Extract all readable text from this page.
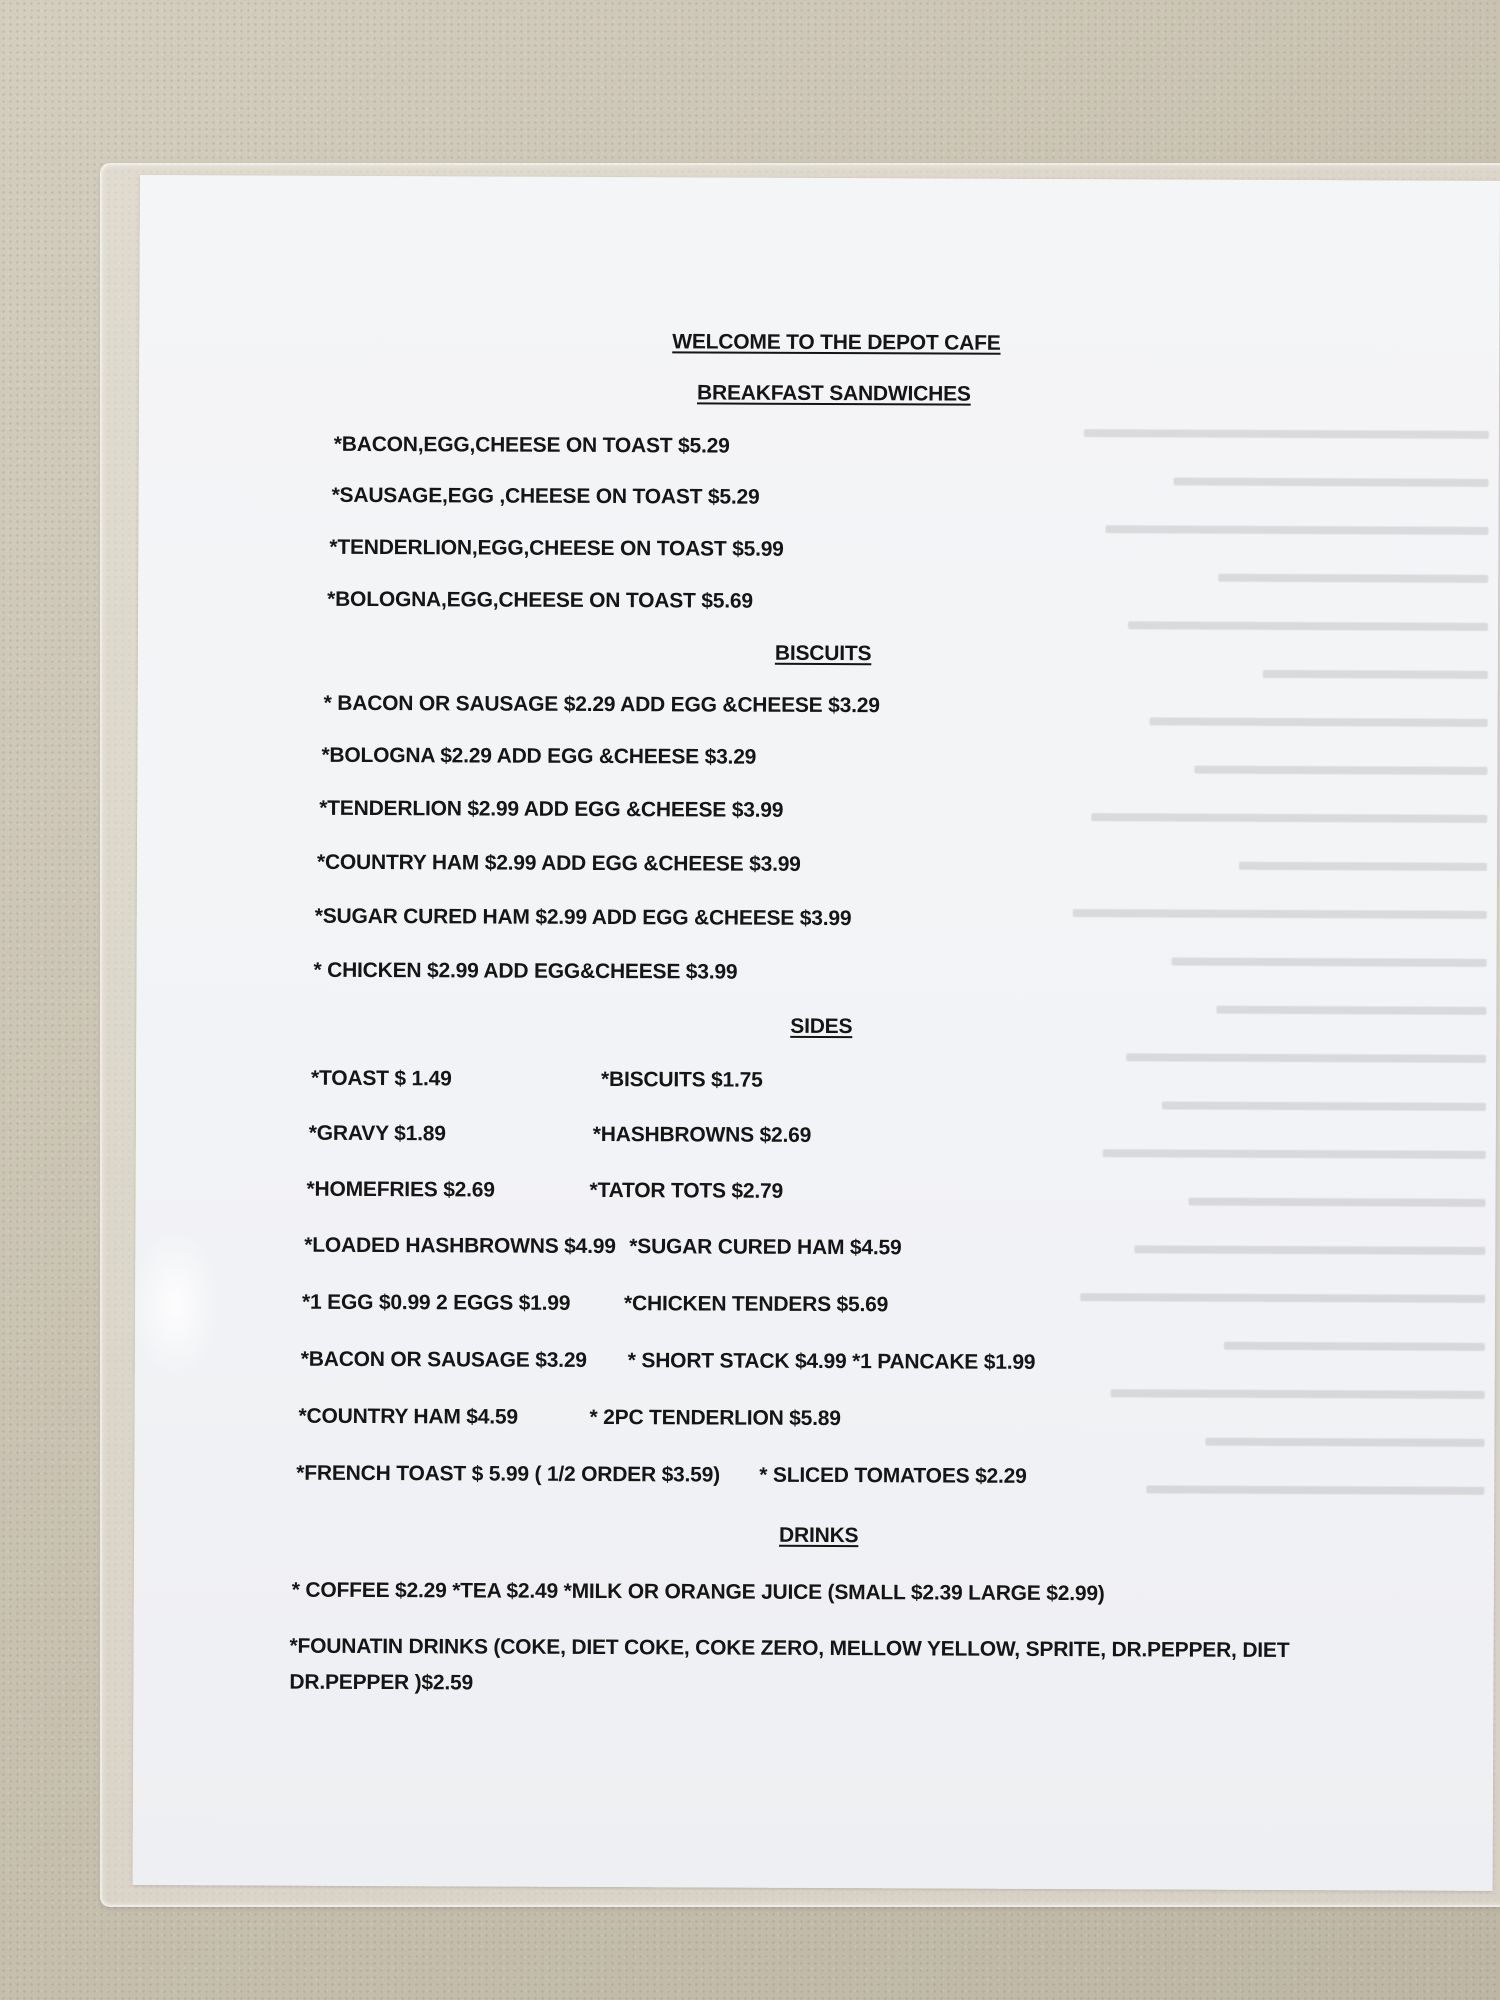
WELCOME TO THE DEPOT CAFE
BREAKFAST SANDWICHES
*BACON,EGG,CHEESE ON TOAST $5.29
*SAUSAGE,EGG ,CHEESE ON TOAST $5.29
*TENDERLION,EGG,CHEESE ON TOAST $5.99
*BOLOGNA,EGG,CHEESE ON TOAST $5.69
BISCUITS
* BACON OR SAUSAGE $2.29 ADD EGG &CHEESE $3.29
*BOLOGNA $2.29 ADD EGG &CHEESE $3.29
*TENDERLION $2.99 ADD EGG &CHEESE $3.99
*COUNTRY HAM $2.99 ADD EGG &CHEESE $3.99
*SUGAR CURED HAM $2.99 ADD EGG &CHEESE $3.99
* CHICKEN $2.99 ADD EGG&CHEESE $3.99
SIDES
*TOAST $ 1.49	*BISCUITS $1.75
*GRAVY $1.89	*HASHBROWNS $2.69
*HOMEFRIES $2.69	*TATOR TOTS $2.79
*LOADED HASHBROWNS $4.99 *SUGAR CURED HAM $4.59
*1 EGG $0.99 2 EGGS $1.99	*CHICKEN TENDERS $5.69
*BACON OR SAUSAGE $3.29 * SHORT STACK $4.99 *1 PANCAKE $1.99
*COUNTRY HAM $4.59	* 2PC TENDERLION $5.89
*FRENCH TOAST $ 5.99 ( 1/2 ORDER $3.59) * SLICED TOMATOES $2.29
DRINKS
* COFFEE $2.29 *TEA $2.49 *MILK OR ORANGE JUICE (SMALL $2.39 LARGE $2.99)
*FOUNATIN DRINKS (COKE, DIET COKE, COKE ZERO, MELLOW YELLOW, SPRITE, DR.PEPPER, DIET DR.PEPPER )$2.59
